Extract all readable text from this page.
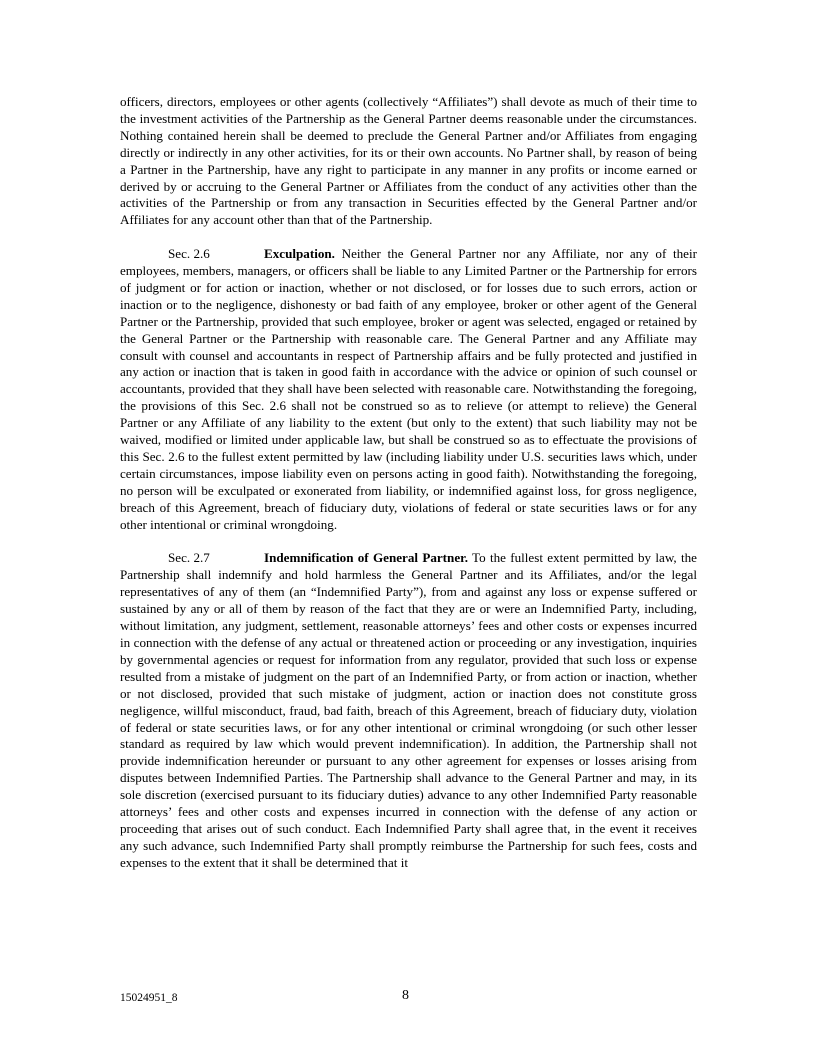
officers, directors, employees or other agents (collectively “Affiliates”) shall devote as much of their time to the investment activities of the Partnership as the General Partner deems reasonable under the circumstances. Nothing contained herein shall be deemed to preclude the General Partner and/or Affiliates from engaging directly or indirectly in any other activities, for its or their own accounts. No Partner shall, by reason of being a Partner in the Partnership, have any right to participate in any manner in any profits or income earned or derived by or accruing to the General Partner or Affiliates from the conduct of any activities other than the activities of the Partnership or from any transaction in Securities effected by the General Partner and/or Affiliates for any account other than that of the Partnership.

Sec. 2.6	Exculpation. Neither the General Partner nor any Affiliate, nor any of their employees, members, managers, or officers shall be liable to any Limited Partner or the Partnership for errors of judgment or for action or inaction, whether or not disclosed, or for losses due to such errors, action or inaction or to the negligence, dishonesty or bad faith of any employee, broker or other agent of the General Partner or the Partnership, provided that such employee, broker or agent was selected, engaged or retained by the General Partner or the Partnership with reasonable care. The General Partner and any Affiliate may consult with counsel and accountants in respect of Partnership affairs and be fully protected and justified in any action or inaction that is taken in good faith in accordance with the advice or opinion of such counsel or accountants, provided that they shall have been selected with reasonable care. Notwithstanding the foregoing, the provisions of this Sec. 2.6 shall not be construed so as to relieve (or attempt to relieve) the General Partner or any Affiliate of any liability to the extent (but only to the extent) that such liability may not be waived, modified or limited under applicable law, but shall be construed so as to effectuate the provisions of this Sec. 2.6 to the fullest extent permitted by law (including liability under U.S. securities laws which, under certain circumstances, impose liability even on persons acting in good faith). Notwithstanding the foregoing, no person will be exculpated or exonerated from liability, or indemnified against loss, for gross negligence, breach of this Agreement, breach of fiduciary duty, violations of federal or state securities laws or for any other intentional or criminal wrongdoing.

Sec. 2.7	Indemnification of General Partner. To the fullest extent permitted by law, the Partnership shall indemnify and hold harmless the General Partner and its Affiliates, and/or the legal representatives of any of them (an “Indemnified Party”), from and against any loss or expense suffered or sustained by any or all of them by reason of the fact that they are or were an Indemnified Party, including, without limitation, any judgment, settlement, reasonable attorneys’ fees and other costs or expenses incurred in connection with the defense of any actual or threatened action or proceeding or any investigation, inquiries by governmental agencies or request for information from any regulator, provided that such loss or expense resulted from a mistake of judgment on the part of an Indemnified Party, or from action or inaction, whether or not disclosed, provided that such mistake of judgment, action or inaction does not constitute gross negligence, willful misconduct, fraud, bad faith, breach of this Agreement, breach of fiduciary duty, violation of federal or state securities laws, or for any other intentional or criminal wrongdoing (or such other lesser standard as required by law which would prevent indemnification). In addition, the Partnership shall not provide indemnification hereunder or pursuant to any other agreement for expenses or losses arising from disputes between Indemnified Parties. The Partnership shall advance to the General Partner and may, in its sole discretion (exercised pursuant to its fiduciary duties) advance to any other Indemnified Party reasonable attorneys’ fees and other costs and expenses incurred in connection with the defense of any action or proceeding that arises out of such conduct. Each Indemnified Party shall agree that, in the event it receives any such advance, such Indemnified Party shall promptly reimburse the Partnership for such fees, costs and expenses to the extent that it shall be determined that it

15024951_8	8
